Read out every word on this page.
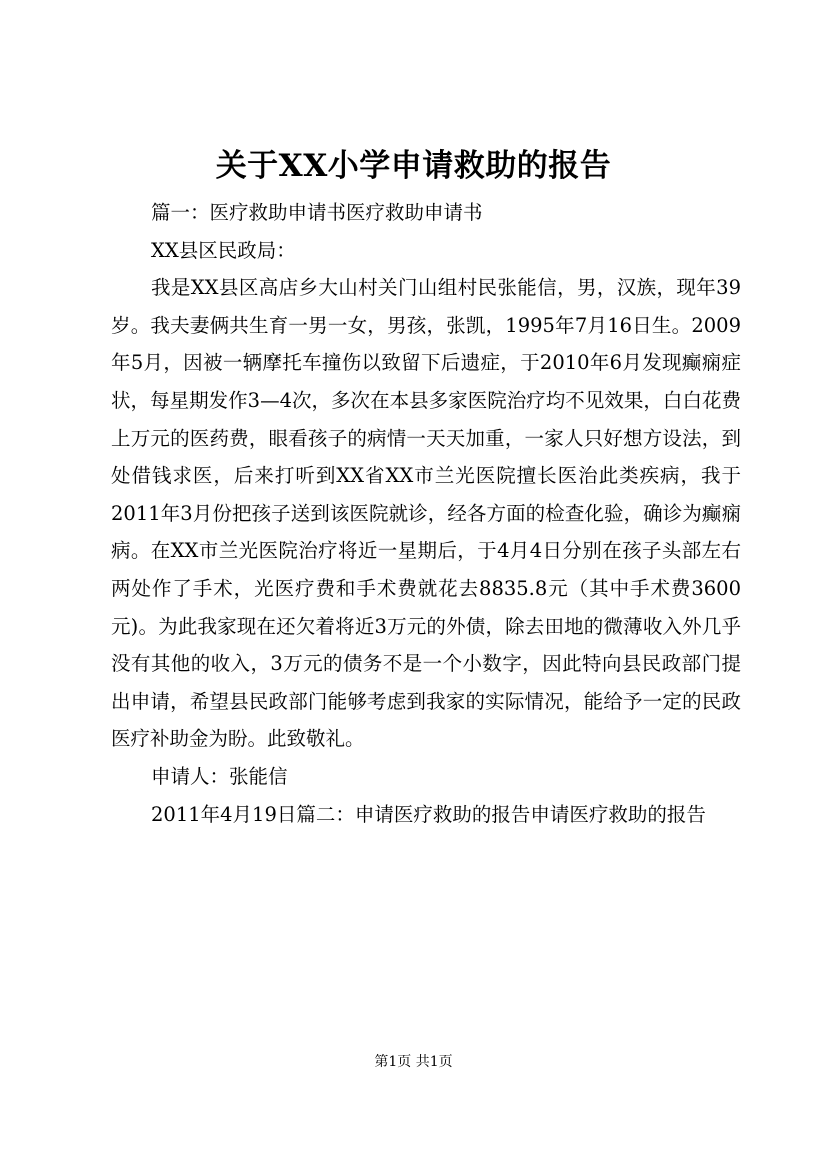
关于XX小学申请救助的报告

篇一：医疗救助申请书医疗救助申请书

XX县区民政局：

我是XX县区高店乡大山村关门山组村民张能信，男，汉族，现年39岁。我夫妻俩共生育一男一女，男孩，张凯，1995年7月16日生。2009年5月，因被一辆摩托车撞伤以致留下后遗症，于2010年6月发现癫痫症状，每星期发作3—4次，多次在本县多家医院治疗均不见效果，白白花费上万元的医药费，眼看孩子的病情一天天加重，一家人只好想方设法，到处借钱求医，后来打听到XX省XX市兰光医院擅长医治此类疾病，我于2011年3月份把孩子送到该医院就诊，经各方面的检查化验，确诊为癫痫病。在XX市兰光医院治疗将近一星期后，于4月4日分别在孩子头部左右两处作了手术，光医疗费和手术费就花去8835.8元（其中手术费3600元)。为此我家现在还欠着将近3万元的外债，除去田地的微薄收入外几乎没有其他的收入，3万元的债务不是一个小数字，因此特向县民政部门提出申请，希望县民政部门能够考虑到我家的实际情况，能给予一定的民政医疗补助金为盼。此致敬礼。

申请人：张能信

2011年4月19日篇二：申请医疗救助的报告申请医疗救助的报告

第1页 共1页
